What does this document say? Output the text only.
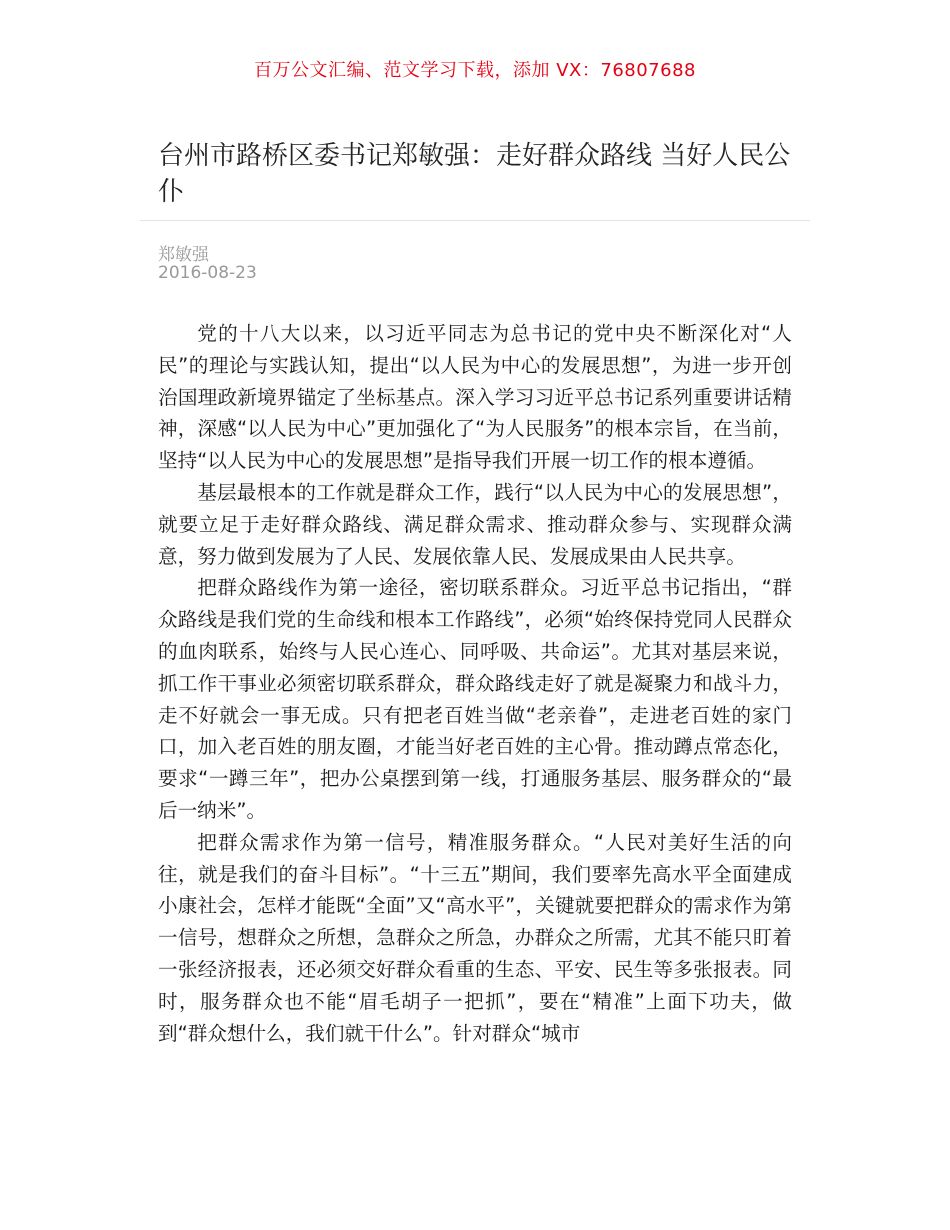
百万公文汇编、范文学习下载，添加 VX：76807688
台州市路桥区委书记郑敏强：走好群众路线 当好人民公仆
郑敏强
2016-08-23

党的十八大以来，以习近平同志为总书记的党中央不断深化对“人民”的理论与实践认知，提出“以人民为中心的发展思想”，为进一步开创治国理政新境界锚定了坐标基点。深入学习习近平总书记系列重要讲话精神，深感“以人民为中心”更加强化了“为人民服务”的根本宗旨，在当前，坚持“以人民为中心的发展思想”是指导我们开展一切工作的根本遵循。

基层最根本的工作就是群众工作，践行“以人民为中心的发展思想”，就要立足于走好群众路线、满足群众需求、推动群众参与、实现群众满意，努力做到发展为了人民、发展依靠人民、发展成果由人民共享。

把群众路线作为第一途径，密切联系群众。习近平总书记指出，“群众路线是我们党的生命线和根本工作路线”，必须“始终保持党同人民群众的血肉联系，始终与人民心连心、同呼吸、共命运”。尤其对基层来说，抓工作干事业必须密切联系群众，群众路线走好了就是凝聚力和战斗力，走不好就会一事无成。只有把老百姓当做“老亲眷”，走进老百姓的家门口，加入老百姓的朋友圈，才能当好老百姓的主心骨。推动蹲点常态化，要求“一蹲三年”，把办公桌摆到第一线，打通服务基层、服务群众的“最后一纳米”。

把群众需求作为第一信号，精准服务群众。“人民对美好生活的向往，就是我们的奋斗目标”。“十三五”期间，我们要率先高水平全面建成小康社会，怎样才能既“全面”又“高水平”，关键就要把群众的需求作为第一信号，想群众之所想，急群众之所急，办群众之所需，尤其不能只盯着一张经济报表，还必须交好群众看重的生态、平安、民生等多张报表。同时，服务群众也不能“眉毛胡子一把抓”，要在“精准”上面下功夫，做到“群众想什么，我们就干什么”。针对群众“城市
